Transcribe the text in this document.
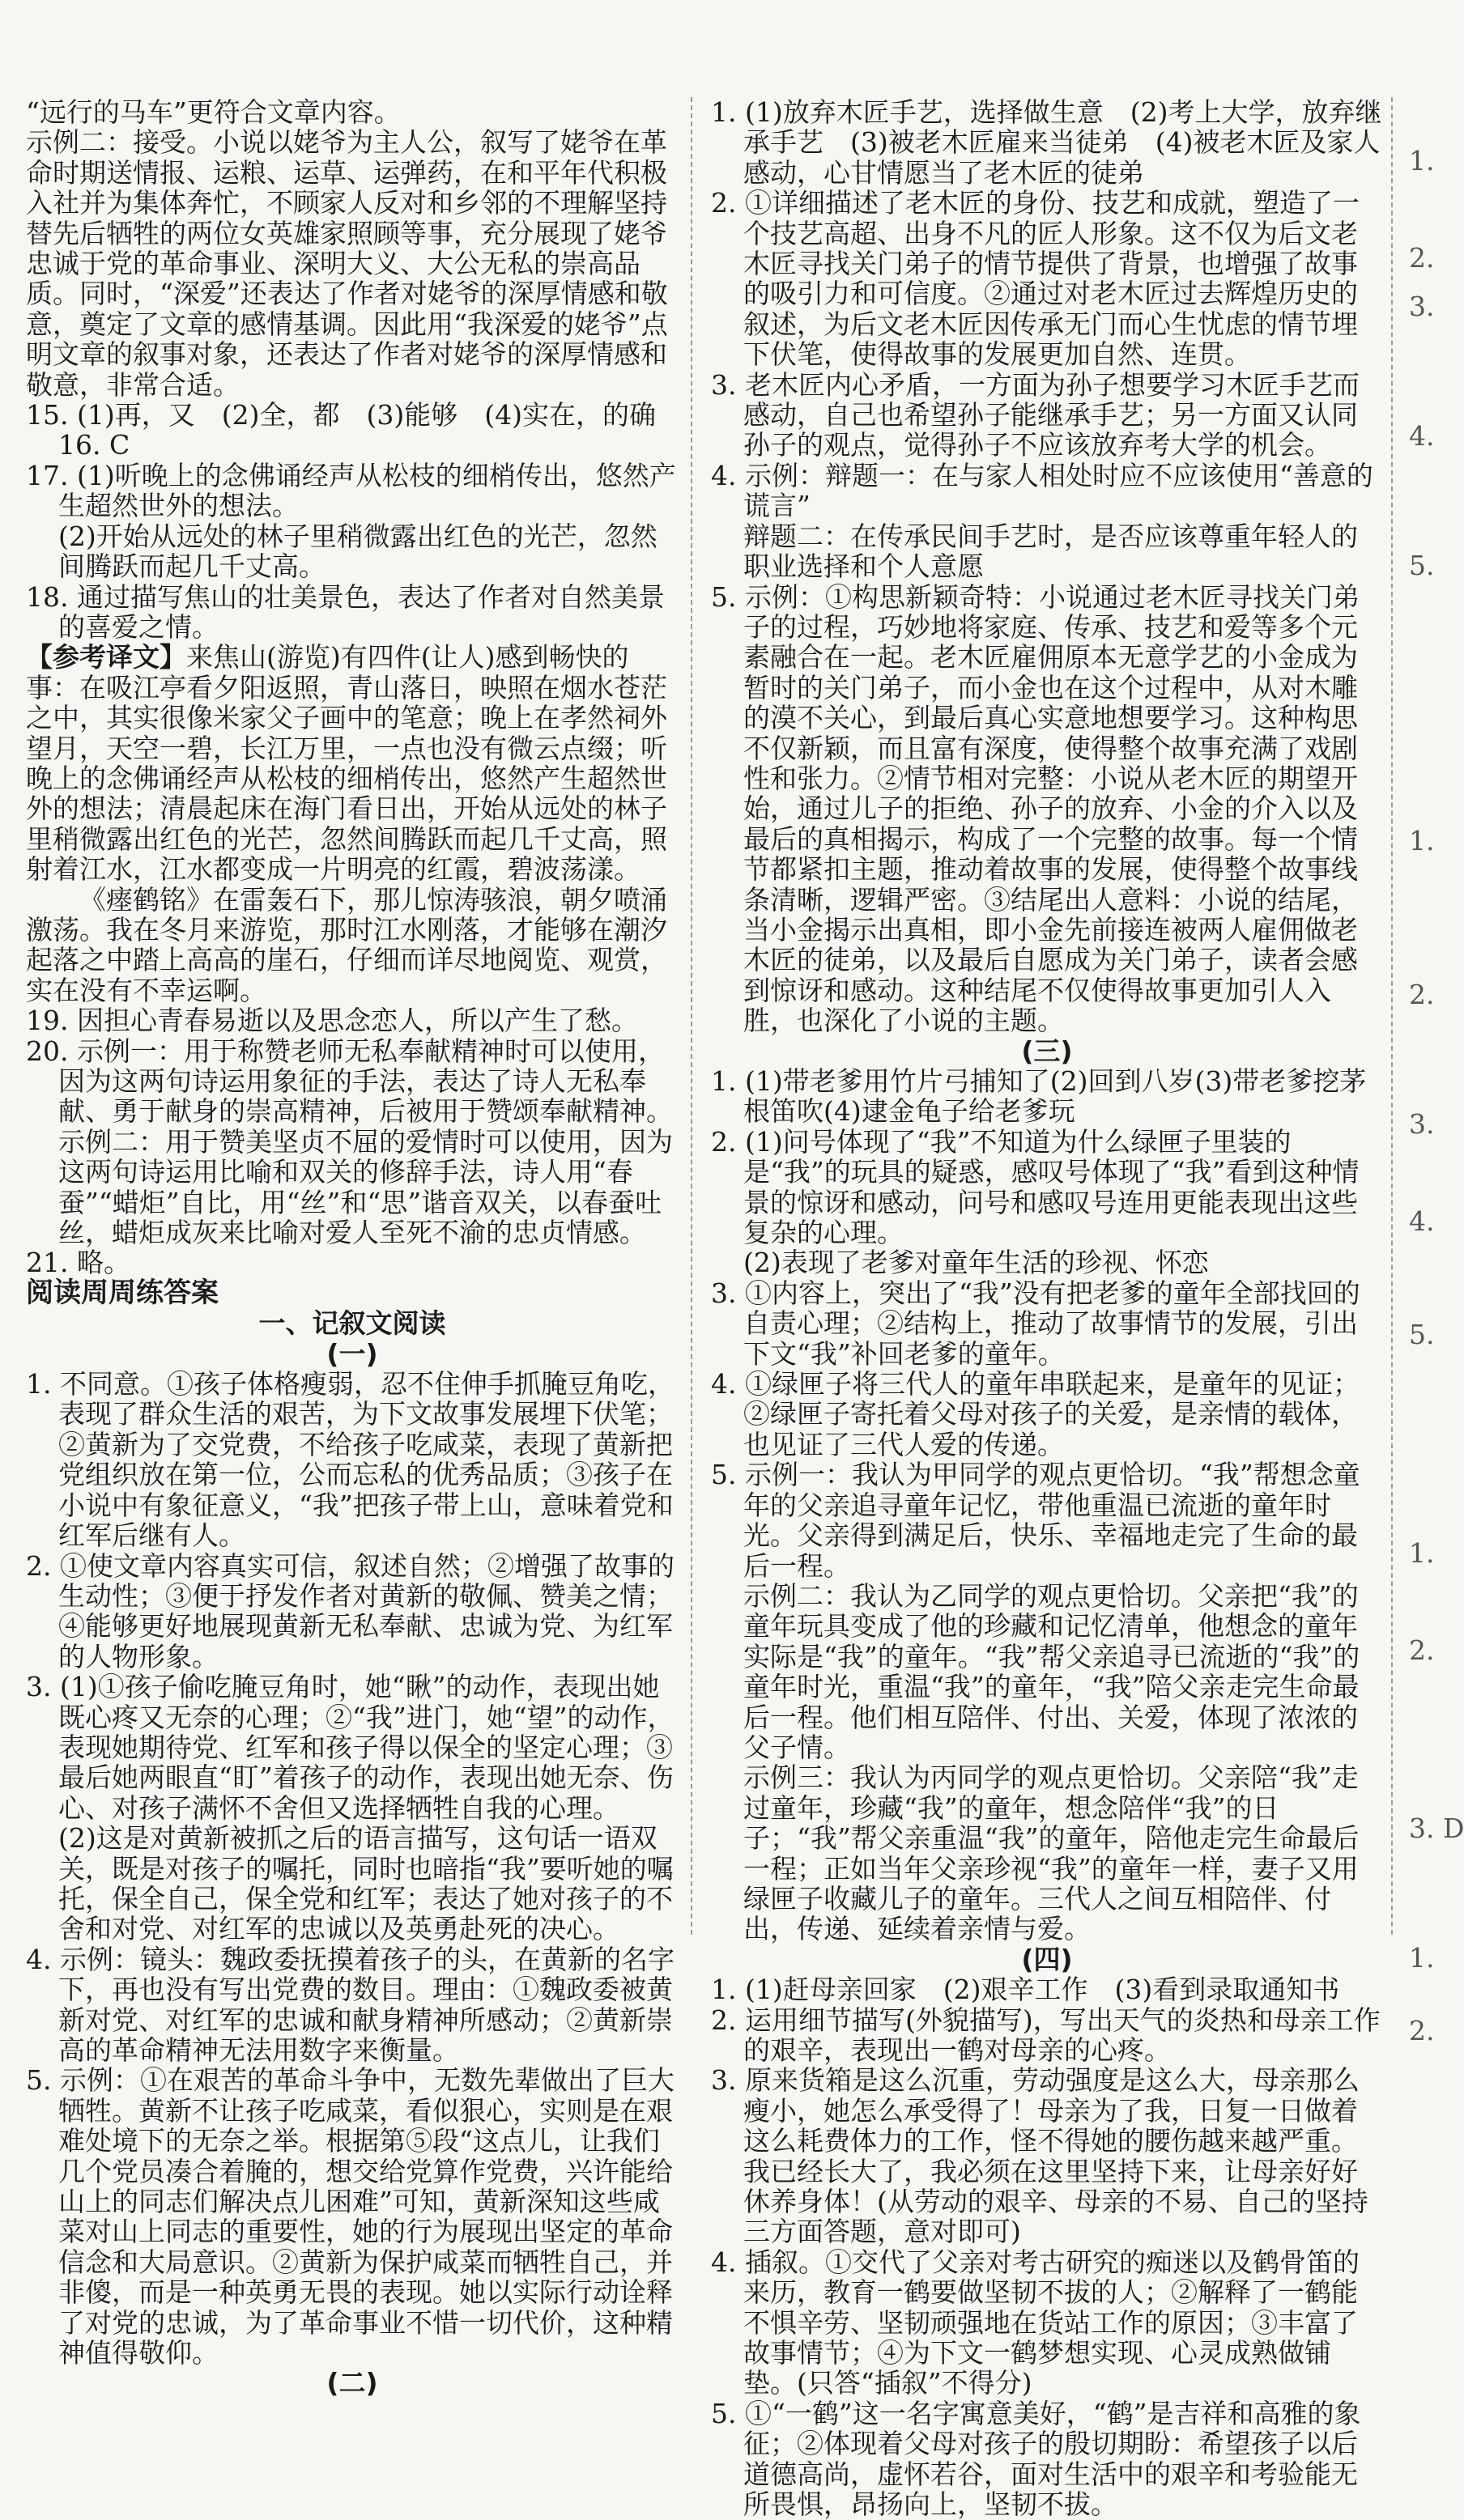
“远行的马车”更符合文章内容。
示例二：接受。小说以姥爷为主人公，叙写了姥爷在革命时期送情报、运粮、运草、运弹药，在和平年代积极入社并为集体奔忙，不顾家人反对和乡邻的不理解坚持替先后牺牲的两位女英雄家照顾等事，充分展现了姥爷忠诚于党的革命事业、深明大义、大公无私的崇高品质。同时，“深爱”还表达了作者对姥爷的深厚情感和敬意，奠定了文章的感情基调。因此用“我深爱的姥爷”点明文章的叙事对象，还表达了作者对姥爷的深厚情感和敬意，非常合适。
15. (1)再，又　(2)全，都　(3)能够　(4)实在，的确　16. C
17. (1)听晚上的念佛诵经声从松枝的细梢传出，悠然产生超然世外的想法。
(2)开始从远处的林子里稍微露出红色的光芒，忽然间腾跃而起几千丈高。
18. 通过描写焦山的壮美景色，表达了作者对自然美景的喜爱之情。
【参考译文】来焦山(游览)有四件(让人)感到畅快的事：在吸江亭看夕阳返照，青山落日，映照在烟水苍茫之中，其实很像米家父子画中的笔意；晚上在孝然祠外望月，天空一碧，长江万里，一点也没有微云点缀；听晚上的念佛诵经声从松枝的细梢传出，悠然产生超然世外的想法；清晨起床在海门看日出，开始从远处的林子里稍微露出红色的光芒，忽然间腾跃而起几千丈高，照射着江水，江水都变成一片明亮的红霞，碧波荡漾。
《瘗鹤铭》在雷轰石下，那儿惊涛骇浪，朝夕喷涌激荡。我在冬月来游览，那时江水刚落，才能够在潮汐起落之中踏上高高的崖石，仔细而详尽地阅览、观赏，实在没有不幸运啊。
19. 因担心青春易逝以及思念恋人，所以产生了愁。
20. 示例一：用于称赞老师无私奉献精神时可以使用，因为这两句诗运用象征的手法，表达了诗人无私奉献、勇于献身的崇高精神，后被用于赞颂奉献精神。
示例二：用于赞美坚贞不屈的爱情时可以使用，因为这两句诗运用比喻和双关的修辞手法，诗人用“春蚕”“蜡炬”自比，用“丝”和“思”谐音双关，以春蚕吐丝，蜡炬成灰来比喻对爱人至死不渝的忠贞情感。
21. 略。
阅读周周练答案
一、记叙文阅读
(一)
1. 不同意。①孩子体格瘦弱，忍不住伸手抓腌豆角吃，表现了群众生活的艰苦，为下文故事发展埋下伏笔；②黄新为了交党费，不给孩子吃咸菜，表现了黄新把党组织放在第一位，公而忘私的优秀品质；③孩子在小说中有象征意义，“我”把孩子带上山，意味着党和红军后继有人。
2. ①使文章内容真实可信，叙述自然；②增强了故事的生动性；③便于抒发作者对黄新的敬佩、赞美之情；④能够更好地展现黄新无私奉献、忠诚为党、为红军的人物形象。
3. (1)①孩子偷吃腌豆角时，她“瞅”的动作，表现出她既心疼又无奈的心理；②“我”进门，她“望”的动作，表现她期待党、红军和孩子得以保全的坚定心理；③最后她两眼直“盯”着孩子的动作，表现出她无奈、伤心、对孩子满怀不舍但又选择牺牲自我的心理。
(2)这是对黄新被抓之后的语言描写，这句话一语双关，既是对孩子的嘱托，同时也暗指“我”要听她的嘱托，保全自己，保全党和红军；表达了她对孩子的不舍和对党、对红军的忠诚以及英勇赴死的决心。
4. 示例：镜头：魏政委抚摸着孩子的头，在黄新的名字下，再也没有写出党费的数目。理由：①魏政委被黄新对党、对红军的忠诚和献身精神所感动；②黄新崇高的革命精神无法用数字来衡量。
5. 示例：①在艰苦的革命斗争中，无数先辈做出了巨大牺牲。黄新不让孩子吃咸菜，看似狠心，实则是在艰难处境下的无奈之举。根据第⑤段“这点儿，让我们几个党员凑合着腌的，想交给党算作党费，兴许能给山上的同志们解决点儿困难”可知，黄新深知这些咸菜对山上同志的重要性，她的行为展现出坚定的革命信念和大局意识。②黄新为保护咸菜而牺牲自己，并非傻，而是一种英勇无畏的表现。她以实际行动诠释了对党的忠诚，为了革命事业不惜一切代价，这种精神值得敬仰。
(二)
1. (1)放弃木匠手艺，选择做生意　(2)考上大学，放弃继承手艺　(3)被老木匠雇来当徒弟　(4)被老木匠及家人感动，心甘情愿当了老木匠的徒弟
2. ①详细描述了老木匠的身份、技艺和成就，塑造了一个技艺高超、出身不凡的匠人形象。这不仅为后文老木匠寻找关门弟子的情节提供了背景，也增强了故事的吸引力和可信度。②通过对老木匠过去辉煌历史的叙述，为后文老木匠因传承无门而心生忧虑的情节埋下伏笔，使得故事的发展更加自然、连贯。
3. 老木匠内心矛盾，一方面为孙子想要学习木匠手艺而感动，自己也希望孙子能继承手艺；另一方面又认同孙子的观点，觉得孙子不应该放弃考大学的机会。
4. 示例：辩题一：在与家人相处时应不应该使用“善意的谎言”
辩题二：在传承民间手艺时，是否应该尊重年轻人的职业选择和个人意愿
5. 示例：①构思新颖奇特：小说通过老木匠寻找关门弟子的过程，巧妙地将家庭、传承、技艺和爱等多个元素融合在一起。老木匠雇佣原本无意学艺的小金成为暂时的关门弟子，而小金也在这个过程中，从对木雕的漠不关心，到最后真心实意地想要学习。这种构思不仅新颖，而且富有深度，使得整个故事充满了戏剧性和张力。②情节相对完整：小说从老木匠的期望开始，通过儿子的拒绝、孙子的放弃、小金的介入以及最后的真相揭示，构成了一个完整的故事。每一个情节都紧扣主题，推动着故事的发展，使得整个故事线条清晰，逻辑严密。③结尾出人意料：小说的结尾，当小金揭示出真相，即小金先前接连被两人雇佣做老木匠的徒弟，以及最后自愿成为关门弟子，读者会感到惊讶和感动。这种结尾不仅使得故事更加引人入胜，也深化了小说的主题。
(三)
1. (1)带老爹用竹片弓捕知了(2)回到八岁(3)带老爹挖茅根笛吹(4)逮金龟子给老爹玩
2. (1)问号体现了“我”不知道为什么绿匣子里装的是“我”的玩具的疑惑，感叹号体现了“我”看到这种情景的惊讶和感动，问号和感叹号连用更能表现出这些复杂的心理。
(2)表现了老爹对童年生活的珍视、怀恋
3. ①内容上，突出了“我”没有把老爹的童年全部找回的自责心理；②结构上，推动了故事情节的发展，引出下文“我”补回老爹的童年。
4. ①绿匣子将三代人的童年串联起来，是童年的见证；②绿匣子寄托着父母对孩子的关爱，是亲情的载体，也见证了三代人爱的传递。
5. 示例一：我认为甲同学的观点更恰切。“我”帮想念童年的父亲追寻童年记忆，带他重温已流逝的童年时光。父亲得到满足后，快乐、幸福地走完了生命的最后一程。
示例二：我认为乙同学的观点更恰切。父亲把“我”的童年玩具变成了他的珍藏和记忆清单，他想念的童年实际是“我”的童年。“我”帮父亲追寻已流逝的“我”的童年时光，重温“我”的童年，“我”陪父亲走完生命最后一程。他们相互陪伴、付出、关爱，体现了浓浓的父子情。
示例三：我认为丙同学的观点更恰切。父亲陪“我”走过童年，珍藏“我”的童年，想念陪伴“我”的日子；“我”帮父亲重温“我”的童年，陪他走完生命最后一程；正如当年父亲珍视“我”的童年一样，妻子又用绿匣子收藏儿子的童年。三代人之间互相陪伴、付出，传递、延续着亲情与爱。
(四)
1. (1)赶母亲回家　(2)艰辛工作　(3)看到录取通知书
2. 运用细节描写(外貌描写)，写出天气的炎热和母亲工作的艰辛，表现出一鹤对母亲的心疼。
3. 原来货箱是这么沉重，劳动强度是这么大，母亲那么瘦小，她怎么承受得了！母亲为了我，日复一日做着这么耗费体力的工作，怪不得她的腰伤越来越严重。我已经长大了，我必须在这里坚持下来，让母亲好好休养身体！(从劳动的艰辛、母亲的不易、自己的坚持三方面答题，意对即可)
4. 插叙。①交代了父亲对考古研究的痴迷以及鹤骨笛的来历，教育一鹤要做坚韧不拔的人；②解释了一鹤能不惧辛劳、坚韧顽强地在货站工作的原因；③丰富了故事情节；④为下文一鹤梦想实现、心灵成熟做铺垫。(只答“插叙”不得分)
5. ①“一鹤”这一名字寓意美好，“鹤”是吉祥和高雅的象征；②体现着父母对孩子的殷切期盼：希望孩子以后道德高尚，虚怀若谷，面对生活中的艰辛和考验能无所畏惧，昂扬向上，坚韧不拔。
1.
2.
3.
4.
5.
1.
2.
3.
4.
5.
1.
2.
3. D
1.
2.
